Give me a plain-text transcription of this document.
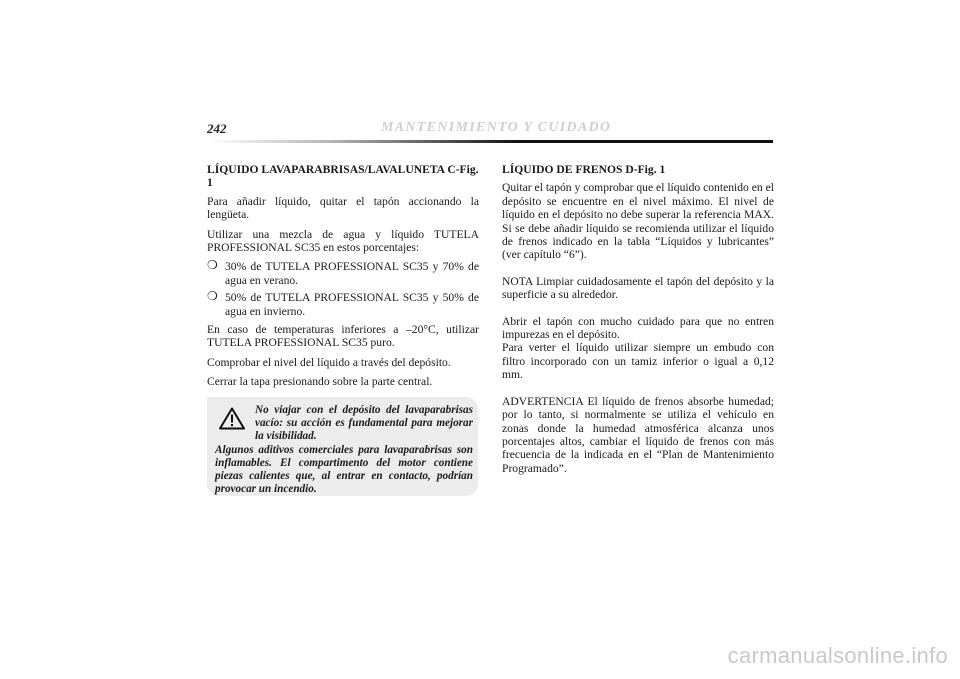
242	MANTENIMIENTO Y CUIDADO
LÍQUIDO LAVAPARABRISAS/LAVALUNETA C-Fig. 1

Para añadir líquido, quitar el tapón accionando la lengüeta.

Utilizar una mezcla de agua y líquido TUTELA PROFESSIONAL SC35 en estos porcentajes:

❍ 30% de TUTELA PROFESSIONAL SC35 y 70% de agua en verano.
❍ 50% de TUTELA PROFESSIONAL SC35 y 50% de agua en invierno.

En caso de temperaturas inferiores a –20°C, utilizar TUTELA PROFESSIONAL SC35 puro.

Comprobar el nivel del líquido a través del depósito.

Cerrar la tapa presionando sobre la parte central.

No viajar con el depósito del lavaparabrisas vacío: su acción es fundamental para mejorar la visibilidad.
Algunos aditivos comerciales para lavaparabrisas son inflamables. El compartimento del motor contiene piezas calientes que, al entrar en contacto, podrían provocar un incendio.
LÍQUIDO DE FRENOS D-Fig. 1

Quitar el tapón y comprobar que el líquido contenido en el depósito se encuentre en el nivel máximo. El nivel de líquido en el depósito no debe superar la referencia MAX. Si se debe añadir líquido se recomienda utilizar el líquido de frenos indicado en la tabla “Líquidos y lubricantes” (ver capítulo “6”).

NOTA Limpiar cuidadosamente el tapón del depósito y la superficie a su alrededor.

Abrir el tapón con mucho cuidado para que no entren impurezas en el depósito.

Para verter el líquido utilizar siempre un embudo con filtro incorporado con un tamiz inferior o igual a 0,12 mm.

ADVERTENCIA El líquido de frenos absorbe humedad; por lo tanto, si normalmente se utiliza el vehículo en zonas donde la humedad atmosférica alcanza unos porcentajes altos, cambiar el líquido de frenos con más frecuencia de la indicada en el “Plan de Mantenimiento Programado”.

carmanualsonline.info
